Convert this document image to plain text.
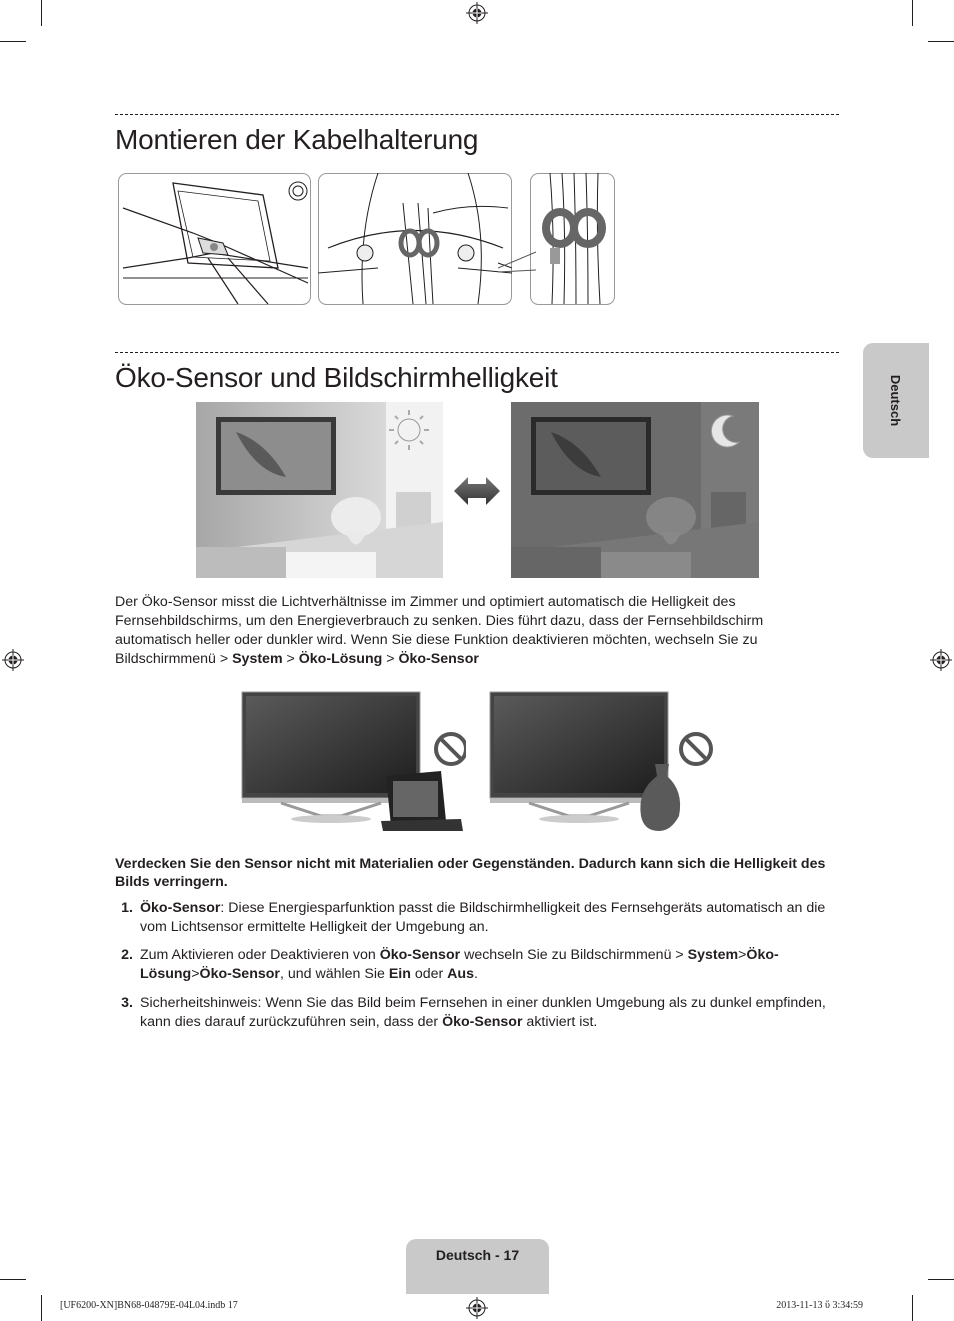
Montieren der Kabelhalterung
Öko-Sensor und Bildschirmhelligkeit	Deutsch
Der Öko-Sensor misst die Lichtverhältnisse im Zimmer und optimiert automatisch die Helligkeit des Fernsehbildschirms, um den Energieverbrauch zu senken. Dies führt dazu, dass der Fernsehbildschirm automatisch heller oder dunkler wird. Wenn Sie diese Funktion deaktivieren möchten, wechseln Sie zu Bildschirmmenü > System > Öko-Lösung > Öko-Sensor
Verdecken Sie den Sensor nicht mit Materialien oder Gegenständen. Dadurch kann sich die Helligkeit des Bilds verringern.
1. Öko-Sensor: Diese Energiesparfunktion passt die Bildschirmhelligkeit des Fernsehgeräts automatisch an die vom Lichtsensor ermittelte Helligkeit der Umgebung an.
2. Zum Aktivieren oder Deaktivieren von Öko-Sensor wechseln Sie zu Bildschirmmenü > System>Öko-Lösung>Öko-Sensor, und wählen Sie Ein oder Aus.
3. Sicherheitshinweis: Wenn Sie das Bild beim Fernsehen in einer dunklen Umgebung als zu dunkel empfinden, kann dies darauf zurückzuführen sein, dass der Öko-Sensor aktiviert ist.
Deutsch - 17
[UF6200-XN]BN68-04879E-04L04.indb 17	2013-11-13 ὕ 3:34:59
